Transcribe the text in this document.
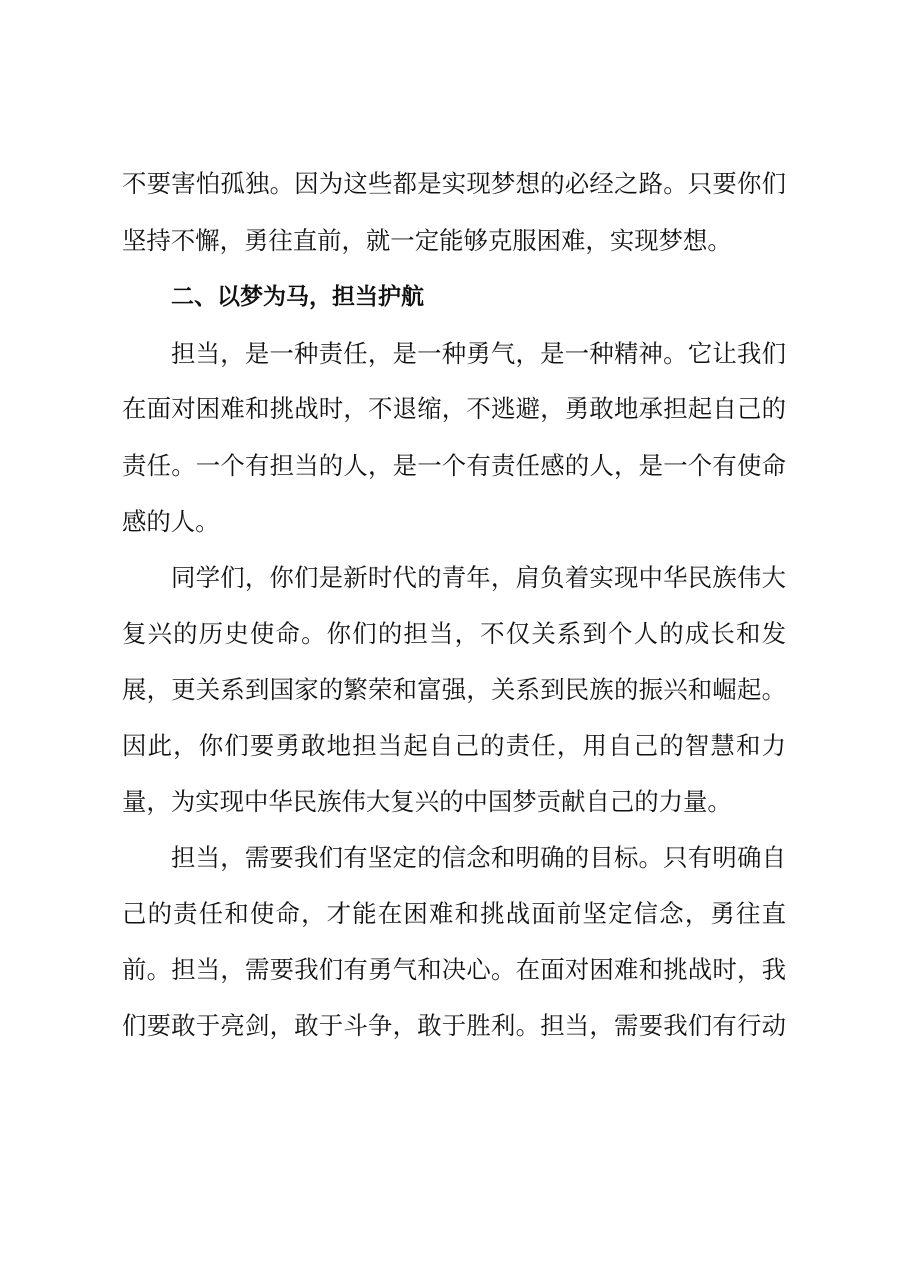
不要害怕孤独。因为这些都是实现梦想的必经之路。只要你们

坚持不懈，勇往直前，就一定能够克服困难，实现梦想。

二、以梦为马，担当护航

担当，是一种责任，是一种勇气，是一种精神。它让我们

在面对困难和挑战时，不退缩，不逃避，勇敢地承担起自己的

责任。一个有担当的人，是一个有责任感的人，是一个有使命

感的人。

同学们，你们是新时代的青年，肩负着实现中华民族伟大

复兴的历史使命。你们的担当，不仅关系到个人的成长和发

展，更关系到国家的繁荣和富强，关系到民族的振兴和崛起。

因此，你们要勇敢地担当起自己的责任，用自己的智慧和力

量，为实现中华民族伟大复兴的中国梦贡献自己的力量。

担当，需要我们有坚定的信念和明确的目标。只有明确自

己的责任和使命，才能在困难和挑战面前坚定信念，勇往直

前。担当，需要我们有勇气和决心。在面对困难和挑战时，我

们要敢于亮剑，敢于斗争，敢于胜利。担当，需要我们有行动
